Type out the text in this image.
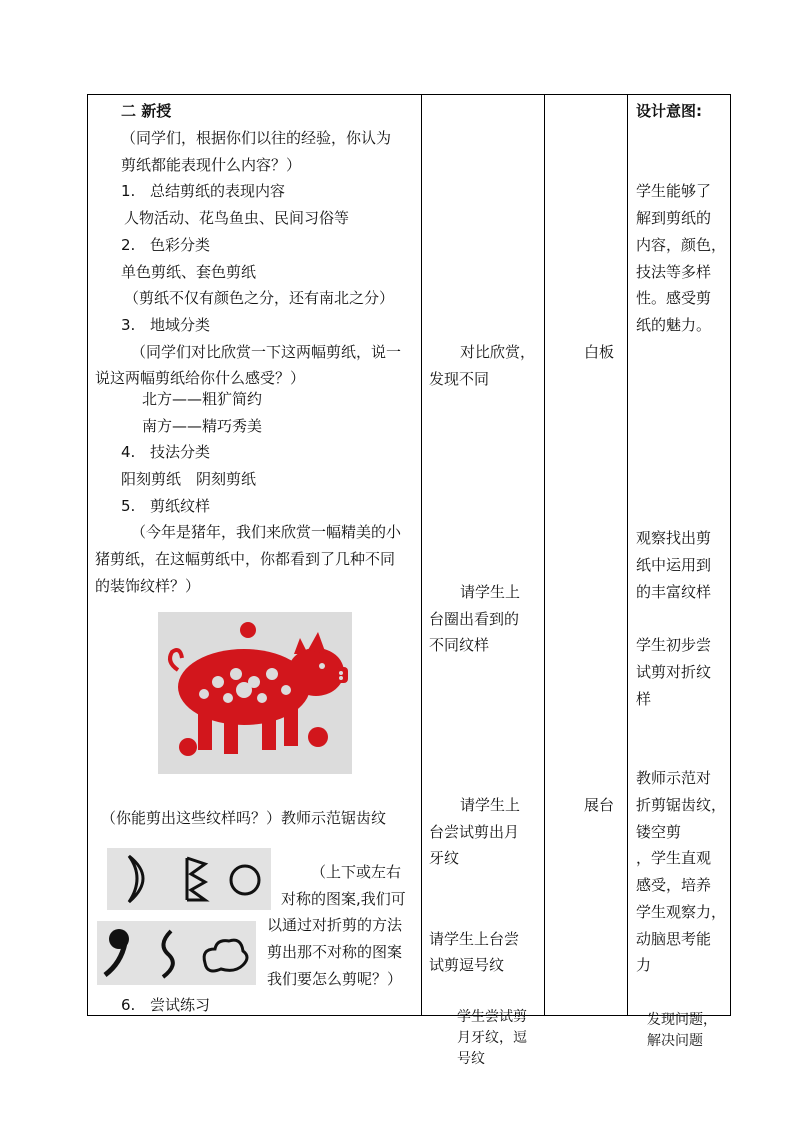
二 新授
（同学们，根据你们以往的经验，你认为
剪纸都能表现什么内容？）
1. 总结剪纸的表现内容
人物活动、花鸟鱼虫、民间习俗等
2. 色彩分类
单色剪纸、套色剪纸
（剪纸不仅有颜色之分，还有南北之分）
3. 地域分类
（同学们对比欣赏一下这两幅剪纸，说一
说这两幅剪纸给你什么感受？）
北方——粗犷简约
南方——精巧秀美
4. 技法分类
阳刻剪纸　阴刻剪纸
5. 剪纸纹样
（今年是猪年，我们来欣赏一幅精美的小
猪剪纸，在这幅剪纸中，你都看到了几种不同
的装饰纹样？）
（你能剪出这些纹样吗？）教师示范锯齿纹
（上下或左右
对称的图案,我们可
以通过对折剪的方法
剪出那不对称的图案
我们要怎么剪呢？）
6. 尝试练习
对比欣赏，
发现不同
请学生上
台圈出看到的
不同纹样
请学生上
台尝试剪出月
牙纹
请学生上台尝
试剪逗号纹
学生尝试剪
月牙纹，逗
号纹
白板
展台
设计意图:
学生能够了
解到剪纸的
内容，颜色，
技法等多样
性。感受剪
纸的魅力。
观察找出剪
纸中运用到
的丰富纹样
学生初步尝
试剪对折纹
样
教师示范对
折剪锯齿纹，
镂空剪
，学生直观
感受，培养
学生观察力，
动脑思考能
力
发现问题，
解决问题
